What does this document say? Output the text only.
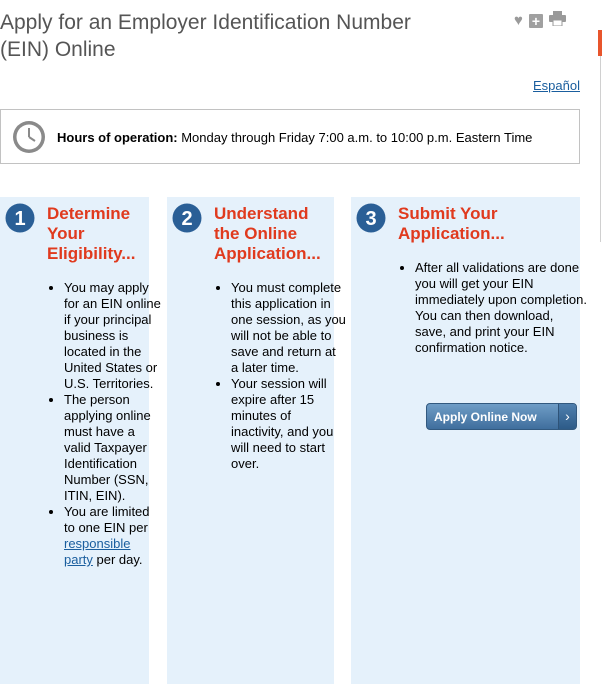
Apply for an Employer Identification Number (EIN) Online
♥ +
Español
Hours of operation: Monday through Friday 7:00 a.m. to 10:00 p.m. Eastern Time
1 Determine Your Eligibility...
• You may apply for an EIN online if your principal business is located in the United States or U.S. Territories.
• The person applying online must have a valid Taxpayer Identification Number (SSN, ITIN, EIN).
• You are limited to one EIN per responsible party per day.
2 Understand the Online Application...
• You must complete this application in one session, as you will not be able to save and return at a later time.
• Your session will expire after 15 minutes of inactivity, and you will need to start over.
3 Submit Your Application...
• After all validations are done you will get your EIN immediately upon completion. You can then download, save, and print your EIN confirmation notice.
Apply Online Now	›
